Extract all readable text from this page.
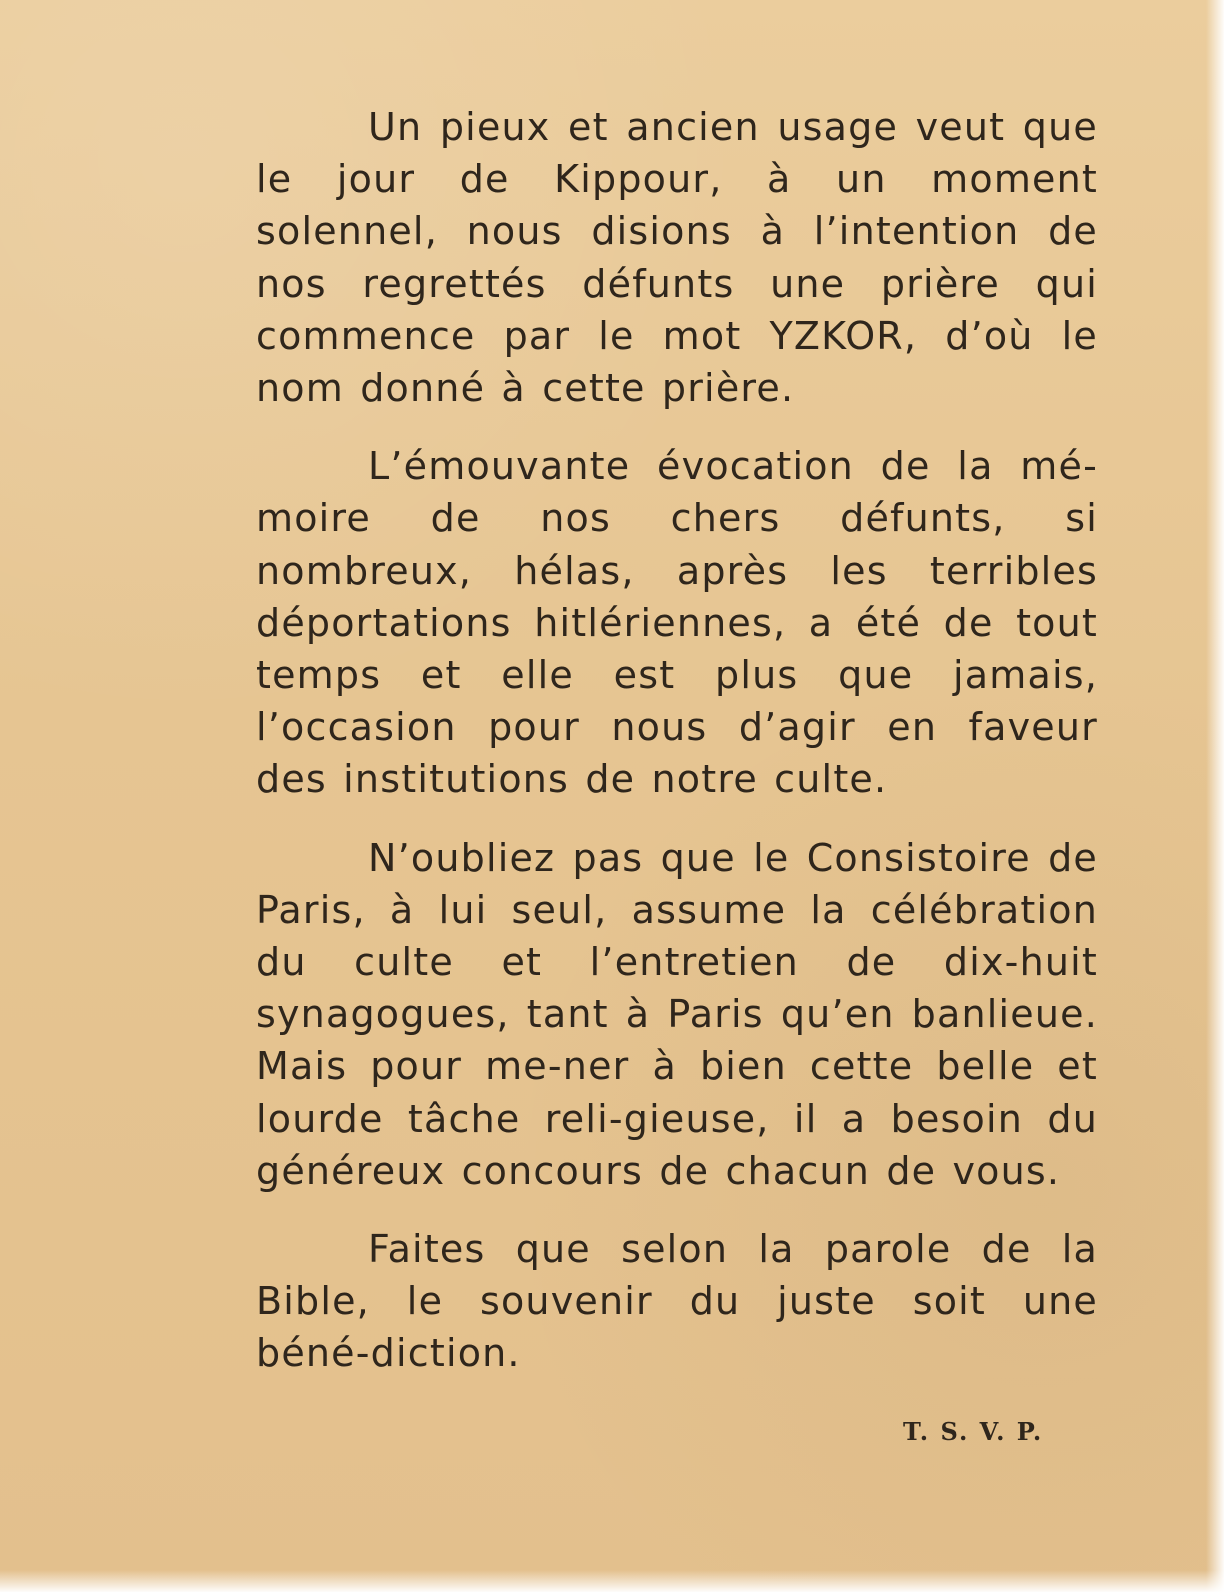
Un pieux et ancien usage veut que le jour de Kippour, à un moment solennel, nous disions à l’intention de nos regrettés défunts une prière qui commence par le mot YZKOR, d’où le nom donné à cette prière.

L’émouvante évocation de la mé-moire de nos chers défunts, si nombreux, hélas, après les terribles déportations hitlériennes, a été de tout temps et elle est plus que jamais, l’occasion pour nous d’agir en faveur des institutions de notre culte.

N’oubliez pas que le Consistoire de Paris, à lui seul, assume la célébration du culte et l’entretien de dix-huit synagogues, tant à Paris qu’en banlieue. Mais pour me-ner à bien cette belle et lourde tâche reli-gieuse, il a besoin du généreux concours de chacun de vous.

Faites que selon la parole de la Bible, le souvenir du juste soit une béné-diction.

T. S. V. P.
